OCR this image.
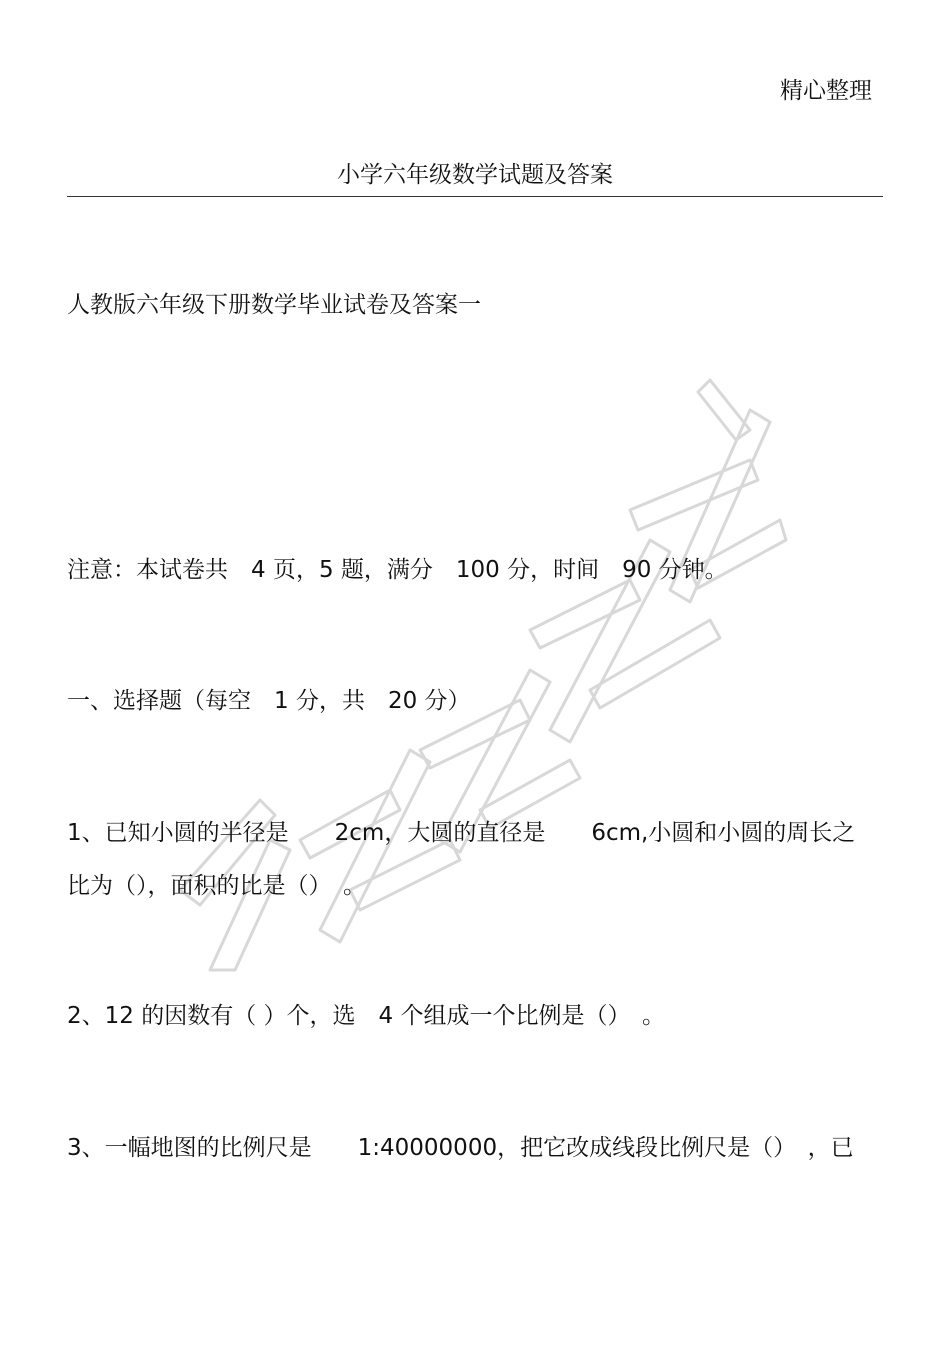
精心整理
小学六年级数学试题及答案
人教版六年级下册数学毕业试卷及答案一
注意：本试卷共　4 页，5 题，满分　100 分，时间　90 分钟。
一、选择题（每空　1 分，共　20 分）
1、已知小圆的半径是　　2cm，大圆的直径是　　6cm,小圆和小圆的周长之
比为（），面积的比是（）　。
2、12 的因数有（ ）个，选　4 个组成一个比例是（）　。
3、一幅地图的比例尺是　　1:40000000，把它改成线段比例尺是（）　，已
